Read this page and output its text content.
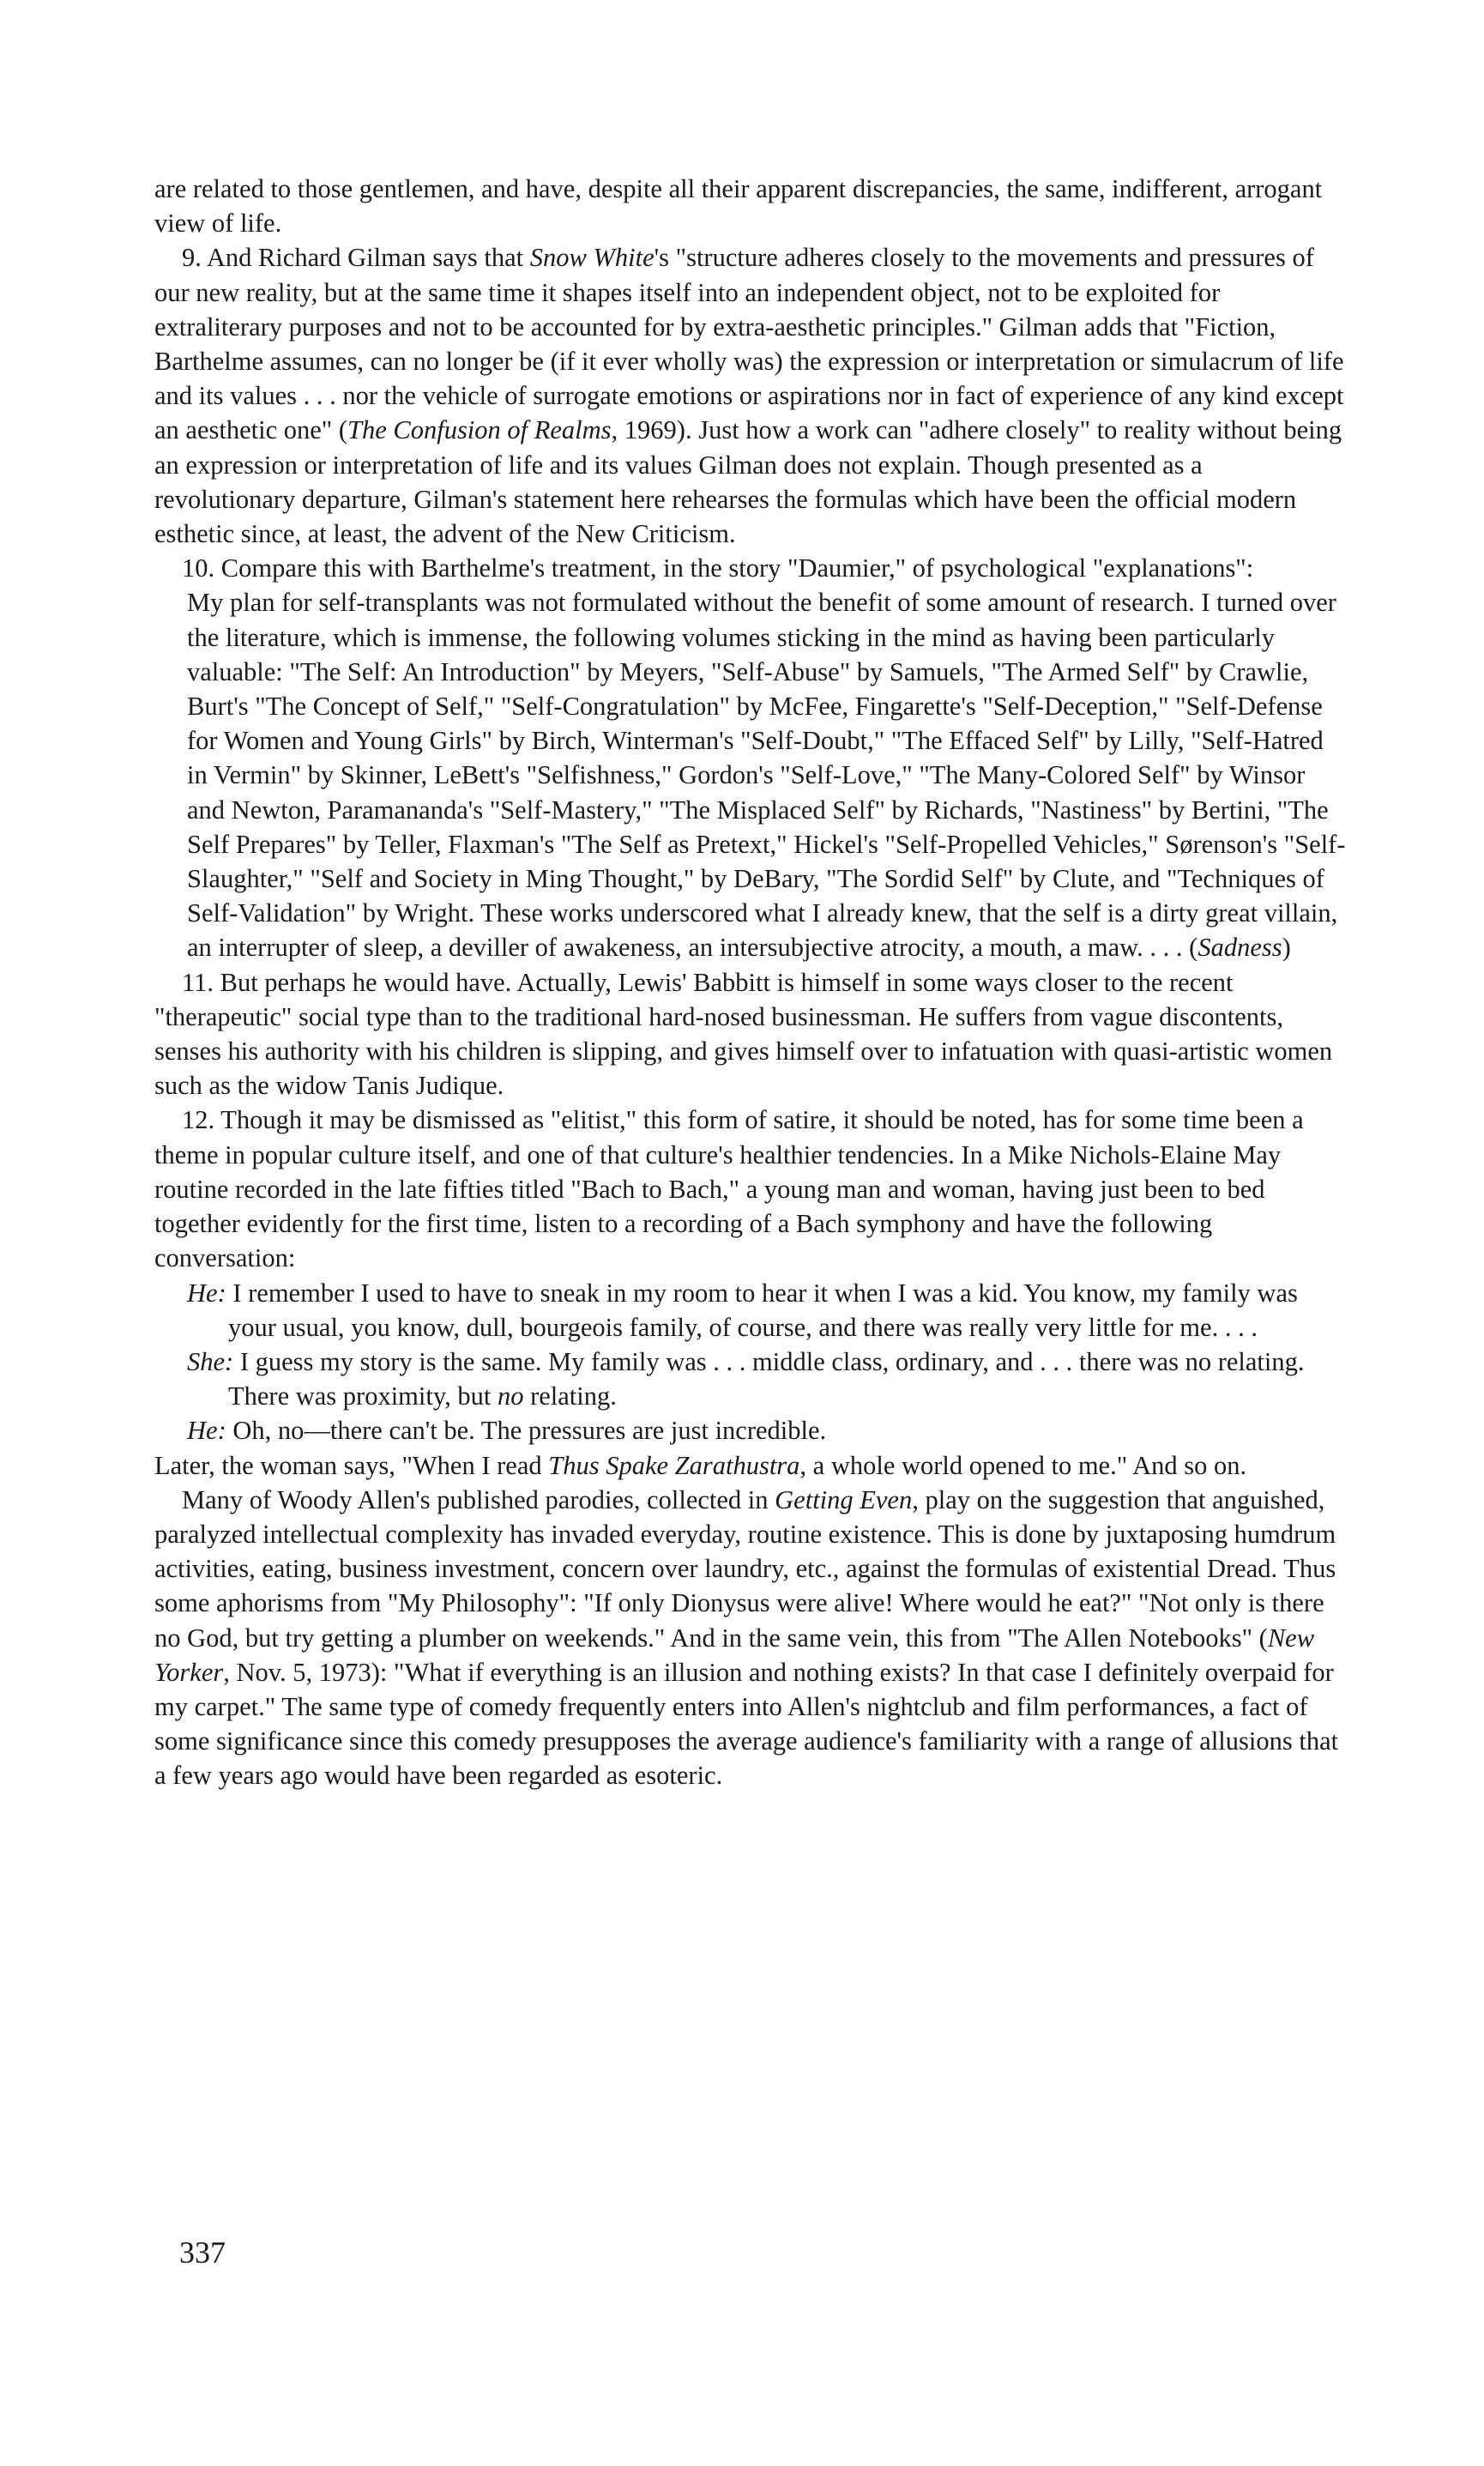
are related to those gentlemen, and have, despite all their apparent discrepancies, the same, indifferent, arrogant view of life.

9. And Richard Gilman says that Snow White's "structure adheres closely to the movements and pressures of our new reality, but at the same time it shapes itself into an independent object, not to be exploited for extraliterary purposes and not to be accounted for by extra-aesthetic principles." Gilman adds that "Fiction, Barthelme assumes, can no longer be (if it ever wholly was) the expression or interpretation or simulacrum of life and its values . . . nor the vehicle of surrogate emotions or aspirations nor in fact of experience of any kind except an aesthetic one" (The Confusion of Realms, 1969). Just how a work can "adhere closely" to reality without being an expression or interpretation of life and its values Gilman does not explain. Though presented as a revolutionary departure, Gilman's statement here rehearses the formulas which have been the official modern esthetic since, at least, the advent of the New Criticism.

10. Compare this with Barthelme's treatment, in the story "Daumier," of psychological "explanations":

My plan for self-transplants was not formulated without the benefit of some amount of research. I turned over the literature, which is immense, the following volumes sticking in the mind as having been particularly valuable: "The Self: An Introduction" by Meyers, "Self-Abuse" by Samuels, "The Armed Self" by Crawlie, Burt's "The Concept of Self," "Self-Congratulation" by McFee, Fingarette's "Self-Deception," "Self-Defense for Women and Young Girls" by Birch, Winterman's "Self-Doubt," "The Effaced Self" by Lilly, "Self-Hatred in Vermin" by Skinner, LeBett's "Selfishness," Gordon's "Self-Love," "The Many-Colored Self" by Winsor and Newton, Paramananda's "Self-Mastery," "The Misplaced Self" by Richards, "Nastiness" by Bertini, "The Self Prepares" by Teller, Flaxman's "The Self as Pretext," Hickel's "Self-Propelled Vehicles," Sørenson's "Self-Slaughter," "Self and Society in Ming Thought," by DeBary, "The Sordid Self" by Clute, and "Techniques of Self-Validation" by Wright. These works underscored what I already knew, that the self is a dirty great villain, an interrupter of sleep, a deviller of awakeness, an intersubjective atrocity, a mouth, a maw. . . . (Sadness)

11. But perhaps he would have. Actually, Lewis' Babbitt is himself in some ways closer to the recent "therapeutic" social type than to the traditional hard-nosed businessman. He suffers from vague discontents, senses his authority with his children is slipping, and gives himself over to infatuation with quasi-artistic women such as the widow Tanis Judique.

12. Though it may be dismissed as "elitist," this form of satire, it should be noted, has for some time been a theme in popular culture itself, and one of that culture's healthier tendencies. In a Mike Nichols-Elaine May routine recorded in the late fifties titled "Bach to Bach," a young man and woman, having just been to bed together evidently for the first time, listen to a recording of a Bach symphony and have the following conversation:

He: I remember I used to have to sneak in my room to hear it when I was a kid. You know, my family was your usual, you know, dull, bourgeois family, of course, and there was really very little for me. . . .

She: I guess my story is the same. My family was . . . middle class, ordinary, and . . . there was no relating. There was proximity, but no relating.

He: Oh, no—there can't be. The pressures are just incredible.

Later, the woman says, "When I read Thus Spake Zarathustra, a whole world opened to me." And so on.

Many of Woody Allen's published parodies, collected in Getting Even, play on the suggestion that anguished, paralyzed intellectual complexity has invaded everyday, routine existence. This is done by juxtaposing humdrum activities, eating, business investment, concern over laundry, etc., against the formulas of existential Dread. Thus some aphorisms from "My Philosophy": "If only Dionysus were alive! Where would he eat?" "Not only is there no God, but try getting a plumber on weekends." And in the same vein, this from "The Allen Notebooks" (New Yorker, Nov. 5, 1973): "What if everything is an illusion and nothing exists? In that case I definitely overpaid for my carpet." The same type of comedy frequently enters into Allen's nightclub and film performances, a fact of some significance since this comedy presupposes the average audience's familiarity with a range of allusions that a few years ago would have been regarded as esoteric.

337
